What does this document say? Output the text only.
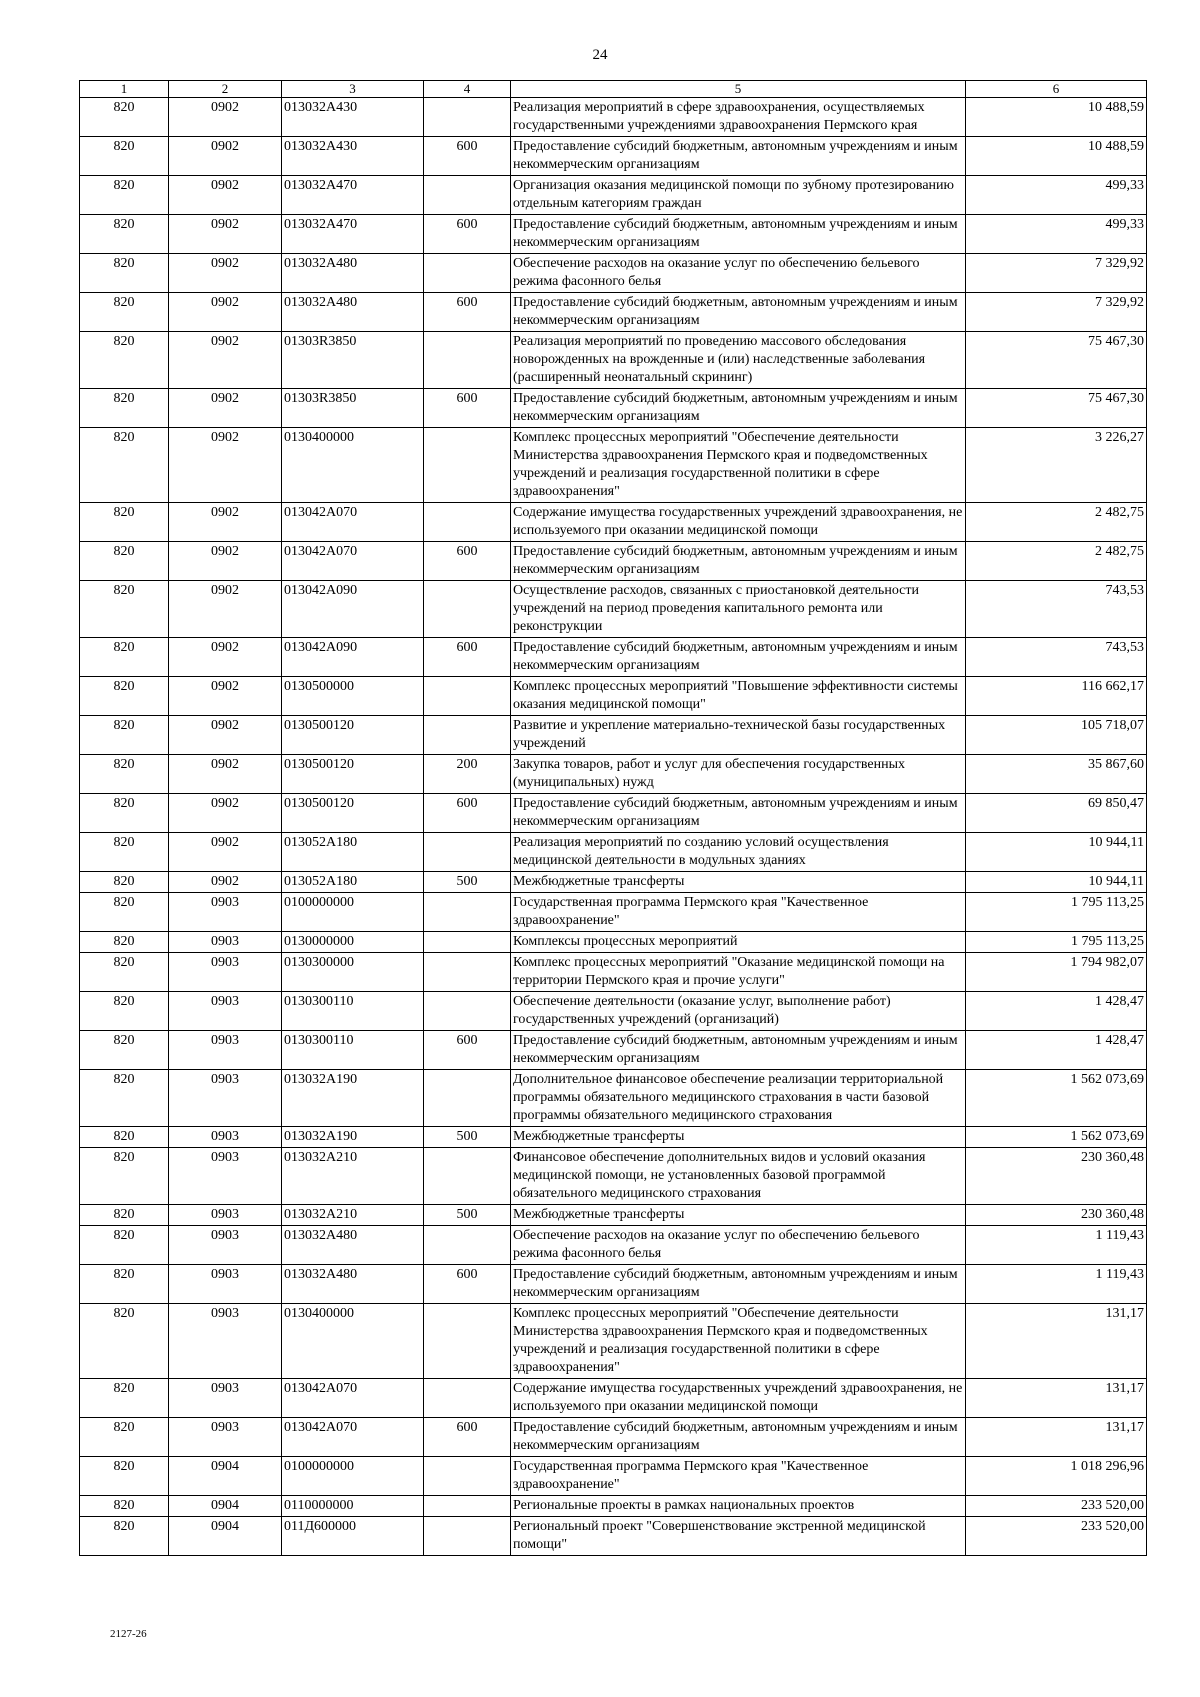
24
1	2	3	4	5	6
820	0902	013032А430		Реализация мероприятий в сфере здравоохранения, осуществляемых государственными учреждениями здравоохранения Пермского края	10 488,59
820	0902	013032А430	600	Предоставление субсидий бюджетным, автономным учреждениям и иным некоммерческим организациям	10 488,59
820	0902	013032А470		Организация оказания медицинской помощи по зубному протезированию отдельным категориям граждан	499,33
820	0902	013032А470	600	Предоставление субсидий бюджетным, автономным учреждениям и иным некоммерческим организациям	499,33
820	0902	013032А480		Обеспечение расходов на оказание услуг по обеспечению бельевого режима фасонного белья	7 329,92
820	0902	013032А480	600	Предоставление субсидий бюджетным, автономным учреждениям и иным некоммерческим организациям	7 329,92
820	0902	01303R3850		Реализация мероприятий по проведению массового обследования новорожденных на врожденные и (или) наследственные заболевания (расширенный неонатальный скрининг)	75 467,30
820	0902	01303R3850	600	Предоставление субсидий бюджетным, автономным учреждениям и иным некоммерческим организациям	75 467,30
820	0902	0130400000		Комплекс процессных мероприятий "Обеспечение деятельности Министерства здравоохранения Пермского края и подведомственных учреждений и реализация государственной политики в сфере здравоохранения"	3 226,27
820	0902	013042А070		Содержание имущества государственных учреждений здравоохранения, не используемого при оказании медицинской помощи	2 482,75
820	0902	013042А070	600	Предоставление субсидий бюджетным, автономным учреждениям и иным некоммерческим организациям	2 482,75
820	0902	013042А090		Осуществление расходов, связанных с приостановкой деятельности учреждений на период проведения капитального ремонта или реконструкции	743,53
820	0902	013042А090	600	Предоставление субсидий бюджетным, автономным учреждениям и иным некоммерческим организациям	743,53
820	0902	0130500000		Комплекс процессных мероприятий "Повышение эффективности системы оказания медицинской помощи"	116 662,17
820	0902	0130500120		Развитие и укрепление материально-технической базы государственных учреждений	105 718,07
820	0902	0130500120	200	Закупка товаров, работ и услуг для обеспечения государственных (муниципальных) нужд	35 867,60
820	0902	0130500120	600	Предоставление субсидий бюджетным, автономным учреждениям и иным некоммерческим организациям	69 850,47
820	0902	013052А180		Реализация мероприятий по созданию условий осуществления медицинской деятельности в модульных зданиях	10 944,11
820	0902	013052А180	500	Межбюджетные трансферты	10 944,11
820	0903	0100000000		Государственная программа Пермского края "Качественное здравоохранение"	1 795 113,25
820	0903	0130000000		Комплексы процессных мероприятий	1 795 113,25
820	0903	0130300000		Комплекс процессных мероприятий "Оказание медицинской помощи на территории Пермского края и прочие услуги"	1 794 982,07
820	0903	0130300110		Обеспечение деятельности (оказание услуг, выполнение работ) государственных учреждений (организаций)	1 428,47
820	0903	0130300110	600	Предоставление субсидий бюджетным, автономным учреждениям и иным некоммерческим организациям	1 428,47
820	0903	013032А190		Дополнительное финансовое обеспечение реализации территориальной программы обязательного медицинского страхования в части базовой программы обязательного медицинского страхования	1 562 073,69
820	0903	013032А190	500	Межбюджетные трансферты	1 562 073,69
820	0903	013032А210		Финансовое обеспечение дополнительных видов и условий оказания медицинской помощи, не установленных базовой программой обязательного медицинского страхования	230 360,48
820	0903	013032А210	500	Межбюджетные трансферты	230 360,48
820	0903	013032А480		Обеспечение расходов на оказание услуг по обеспечению бельевого режима фасонного белья	1 119,43
820	0903	013032А480	600	Предоставление субсидий бюджетным, автономным учреждениям и иным некоммерческим организациям	1 119,43
820	0903	0130400000		Комплекс процессных мероприятий "Обеспечение деятельности Министерства здравоохранения Пермского края и подведомственных учреждений и реализация государственной политики в сфере здравоохранения"	131,17
820	0903	013042А070		Содержание имущества государственных учреждений здравоохранения, не используемого при оказании медицинской помощи	131,17
820	0903	013042А070	600	Предоставление субсидий бюджетным, автономным учреждениям и иным некоммерческим организациям	131,17
820	0904	0100000000		Государственная программа Пермского края "Качественное здравоохранение"	1 018 296,96
820	0904	0110000000		Региональные проекты в рамках национальных проектов	233 520,00
820	0904	011Д600000		Региональный проект "Совершенствование экстренной медицинской помощи"	233 520,00
2127-26
